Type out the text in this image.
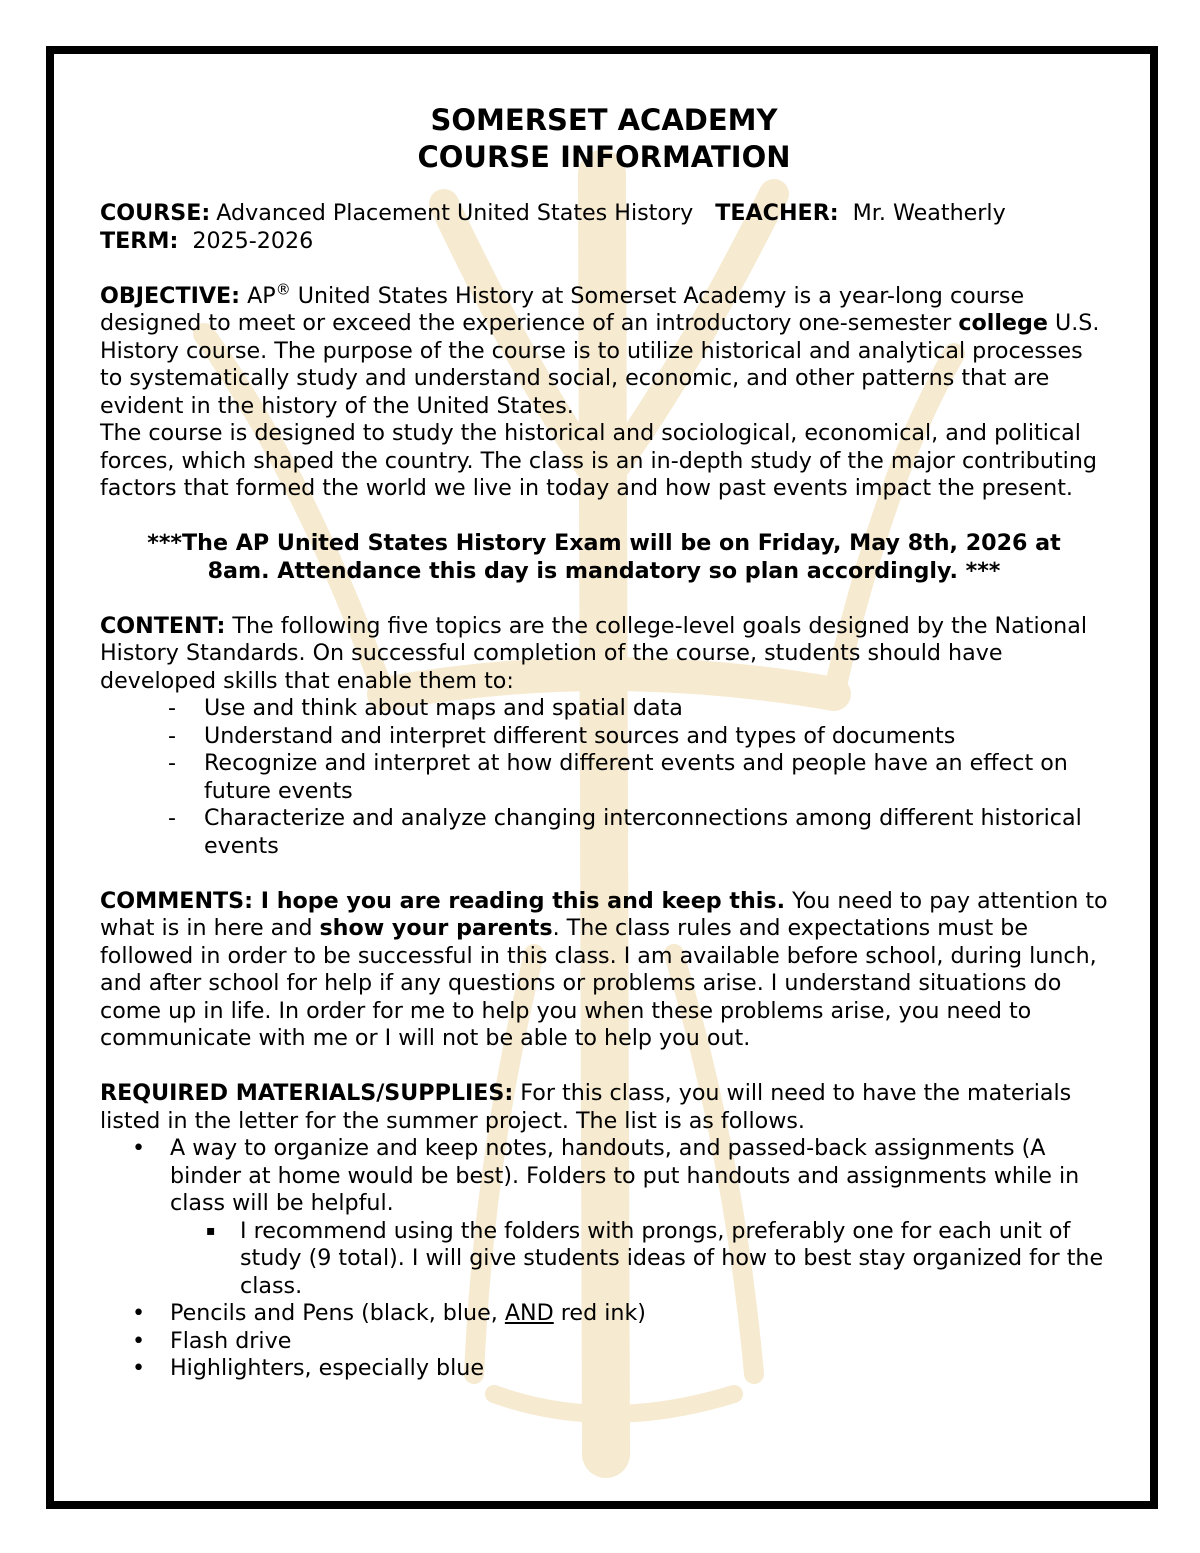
SOMERSET ACADEMY
COURSE INFORMATION
COURSE: Advanced Placement United States History TEACHER: Mr. Weatherly
TERM: 2025-2026

OBJECTIVE: AP® United States History at Somerset Academy is a year-long course designed to meet or exceed the experience of an introductory one-semester college U.S. History course. The purpose of the course is to utilize historical and analytical processes to systematically study and understand social, economic, and other patterns that are evident in the history of the United States.

The course is designed to study the historical and sociological, economical, and political forces, which shaped the country. The class is an in-depth study of the major contributing factors that formed the world we live in today and how past events impact the present.

***The AP United States History Exam will be on Friday, May 8th, 2026 at
8am. Attendance this day is mandatory so plan accordingly. ***

CONTENT: The following five topics are the college-level goals designed by the National History Standards. On successful completion of the course, students should have developed skills that enable them to:

- Use and think about maps and spatial data
- Understand and interpret different sources and types of documents
- Recognize and interpret at how different events and people have an effect on future events
- Characterize and analyze changing interconnections among different historical events

COMMENTS: I hope you are reading this and keep this. You need to pay attention to what is in here and show your parents. The class rules and expectations must be followed in order to be successful in this class. I am available before school, during lunch, and after school for help if any questions or problems arise. I understand situations do come up in life. In order for me to help you when these problems arise, you need to communicate with me or I will not be able to help you out.

REQUIRED MATERIALS/SUPPLIES: For this class, you will need to have the materials listed in the letter for the summer project. The list is as follows.

• A way to organize and keep notes, handouts, and passed-back assignments (A binder at home would be best). Folders to put handouts and assignments while in class will be helpful.
▪ I recommend using the folders with prongs, preferably one for each unit of study (9 total). I will give students ideas of how to best stay organized for the class.
• Pencils and Pens (black, blue, AND red ink)
• Flash drive
• Highlighters, especially blue
